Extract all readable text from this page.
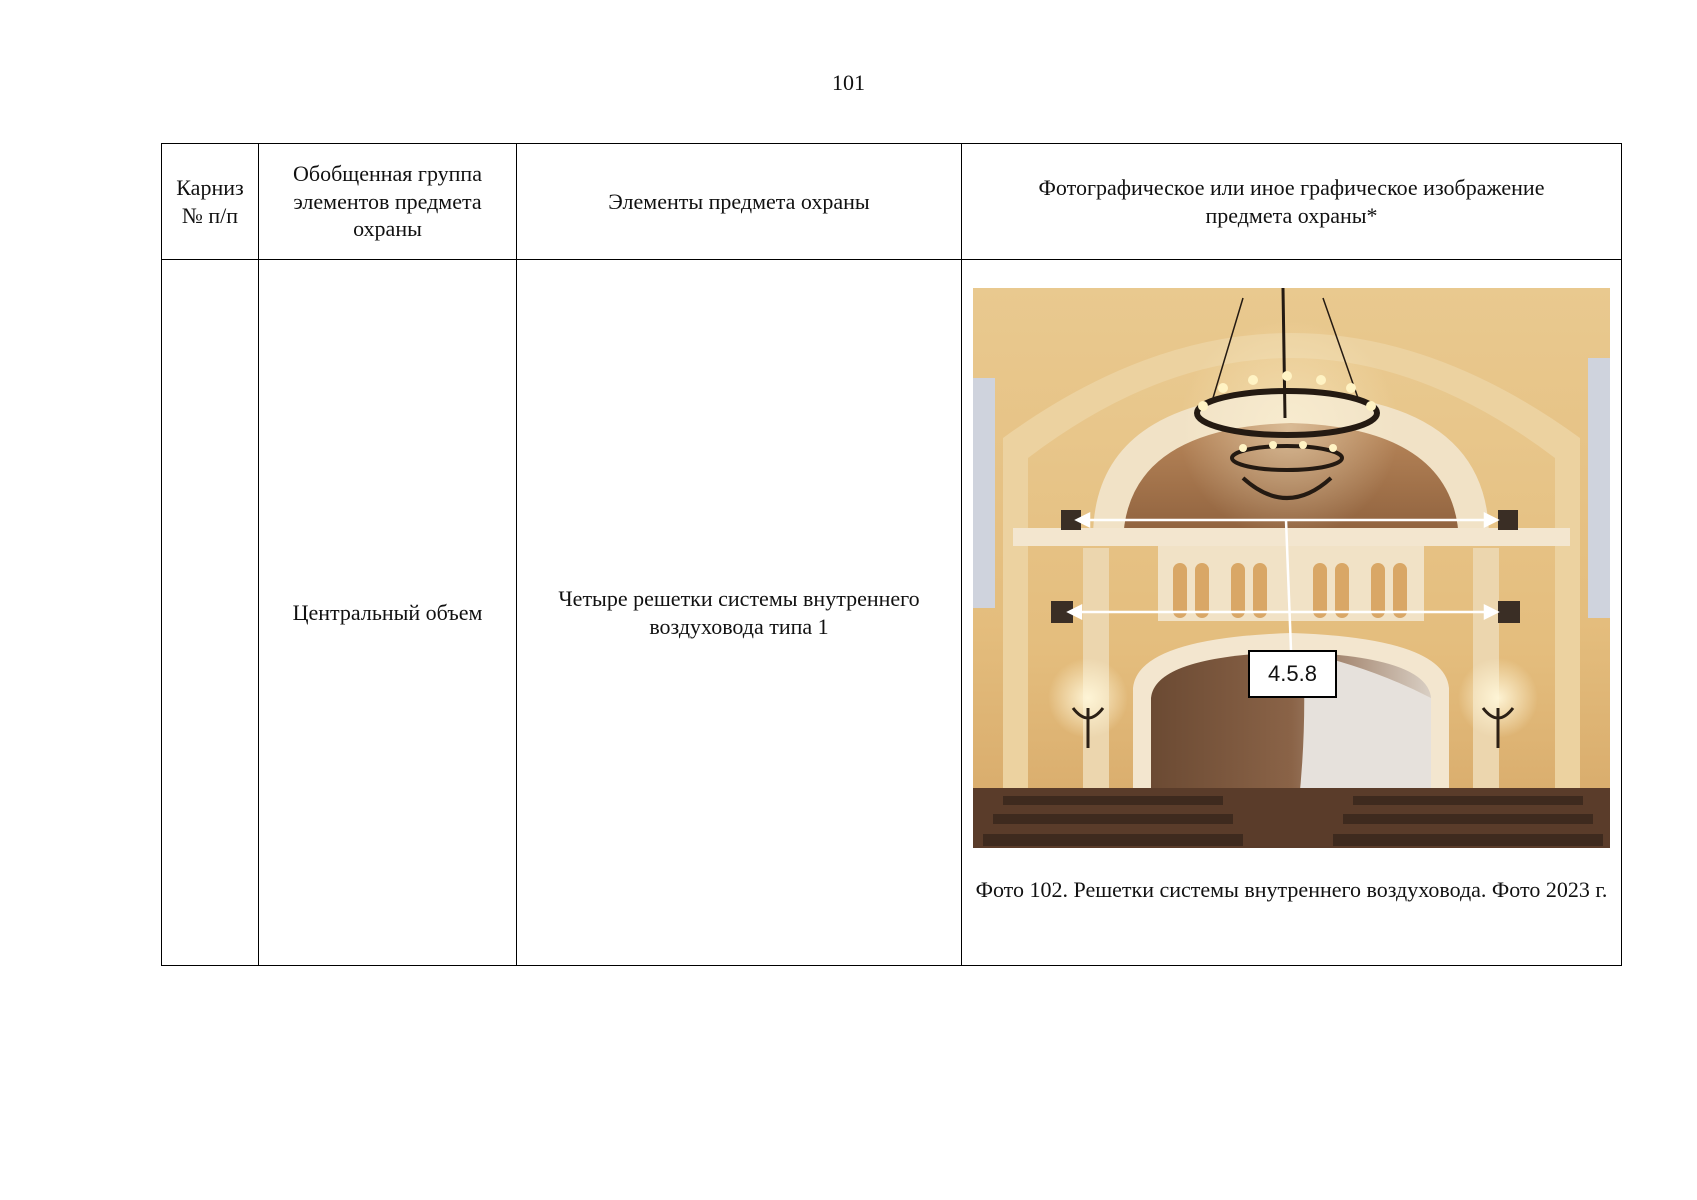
101
Карниз
№ п/п	Обобщенная группа элементов предмета охраны	Элементы предмета охраны	Фотографическое или иное графическое изображение предмета охраны*

	Центральный объем	Четыре решетки системы внутреннего воздуховода типа 1	4.5.8
Фото 102. Решетки системы внутреннего воздуховода. Фото 2023 г.
